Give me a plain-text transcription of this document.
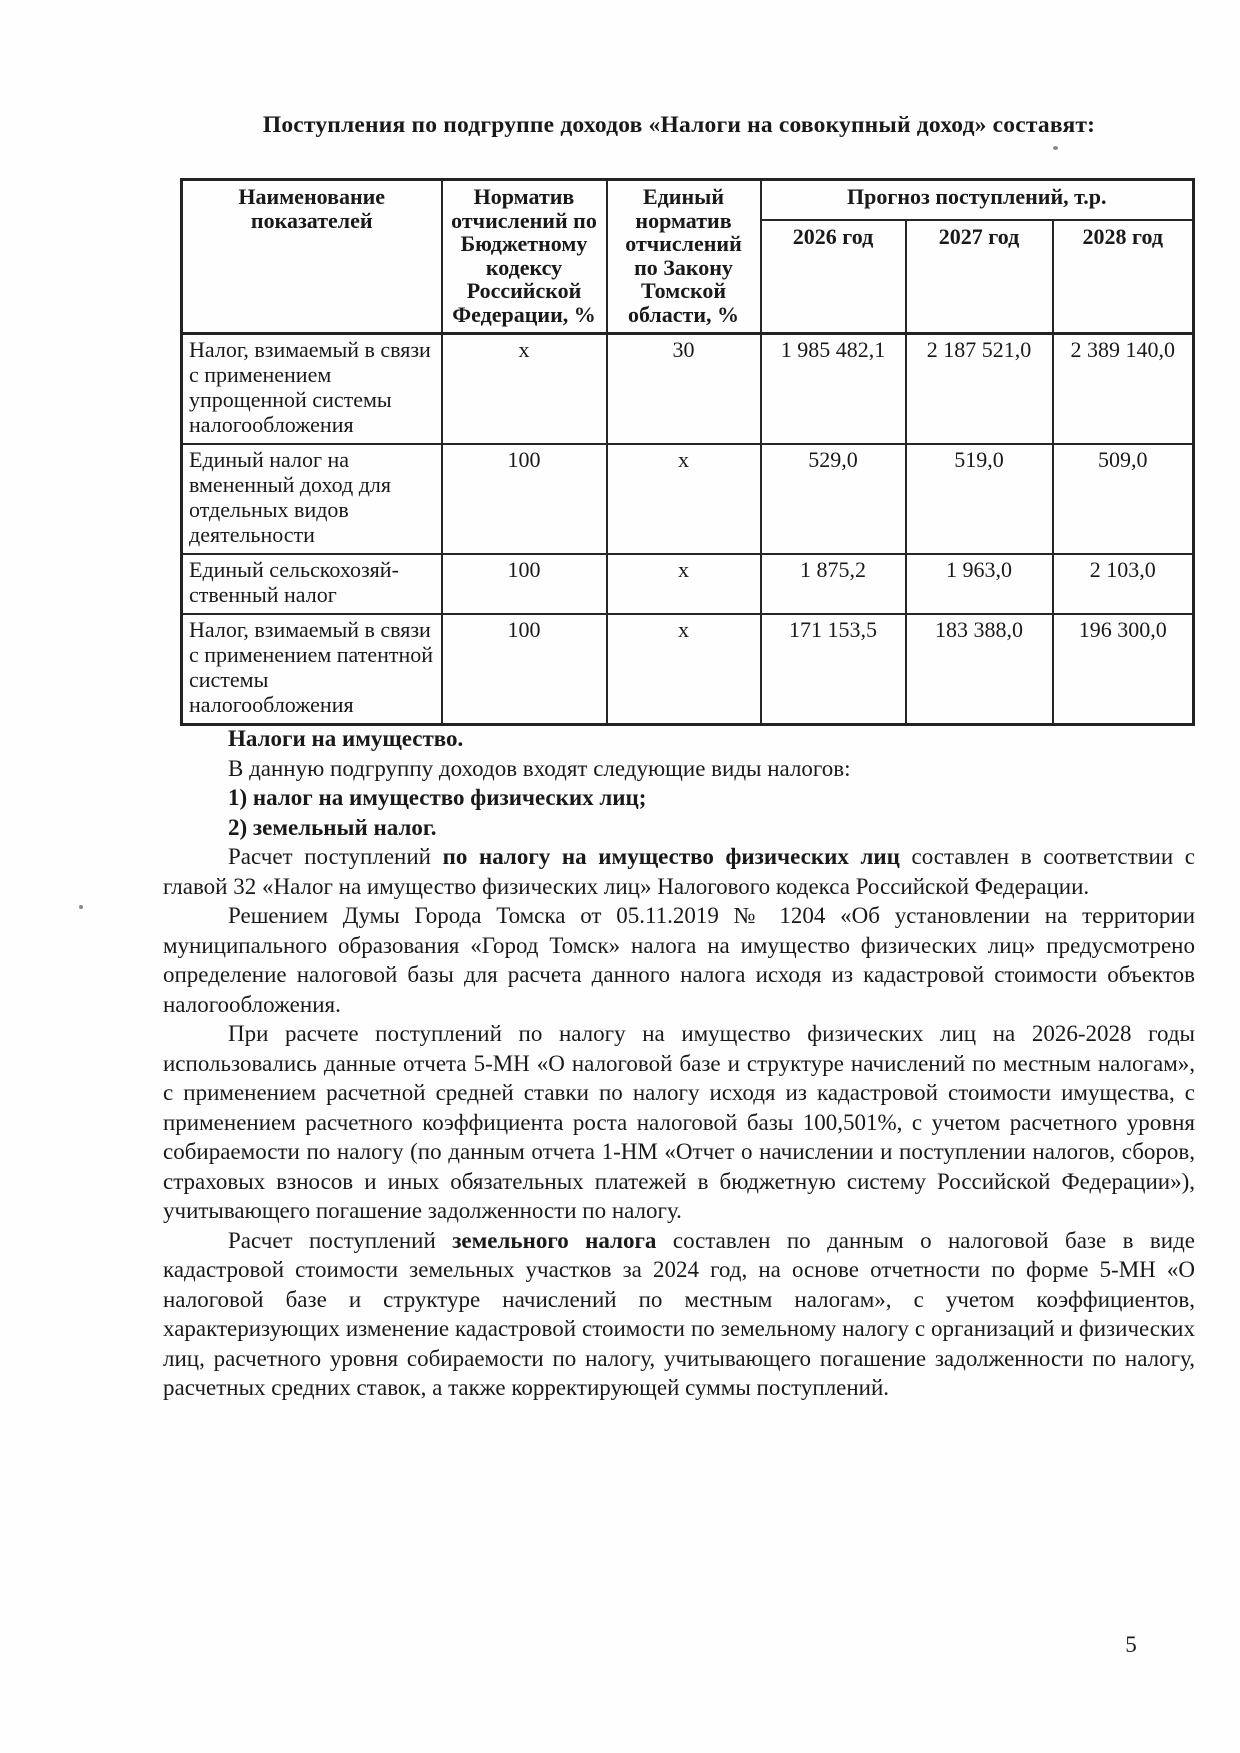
Поступления по подгруппе доходов «Налоги на совокупный доход» составят:
Наименование показателей	Норматив отчислений по Бюджетному кодексу Российской Федерации, %	Единый норматив отчислений по Закону Томской области, %	Прогноз поступлений, т.р.		
			2026 год	2027 год	2028 год
Налог, взимаемый в связи с применением упрощенной системы налогообложения	х	30	1 985 482,1	2 187 521,0	2 389 140,0
Единый налог на вмененный доход для отдельных видов деятельности	100	х	529,0	519,0	509,0
Единый сельскохозяй-ственный налог	100	х	1 875,2	1 963,0	2 103,0
Налог, взимаемый в связи с применением патентной системы налогообложения	100	х	171 153,5	183 388,0	196 300,0
Налоги на имущество.
В данную подгруппу доходов входят следующие виды налогов:
1) налог на имущество физических лиц;
2) земельный налог.

Расчет поступлений по налогу на имущество физических лиц составлен в соответствии с главой 32 «Налог на имущество физических лиц» Налогового кодекса Российской Федерации.

Решением Думы Города Томска от 05.11.2019 № 1204 «Об установлении на территории муниципального образования «Город Томск» налога на имущество физических лиц» предусмотрено определение налоговой базы для расчета данного налога исходя из кадастровой стоимости объектов налогообложения.

При расчете поступлений по налогу на имущество физических лиц на 2026-2028 годы использовались данные отчета 5-МН «О налоговой базе и структуре начислений по местным налогам», с применением расчетной средней ставки по налогу исходя из кадастровой стоимости имущества, с применением расчетного коэффициента роста налоговой базы 100,501%, с учетом расчетного уровня собираемости по налогу (по данным отчета 1-НМ «Отчет о начислении и поступлении налогов, сборов, страховых взносов и иных обязательных платежей в бюджетную систему Российской Федерации»), учитывающего погашение задолженности по налогу.

Расчет поступлений земельного налога составлен по данным о налоговой базе в виде кадастровой стоимости земельных участков за 2024 год, на основе отчетности по форме 5-МН «О налоговой базе и структуре начислений по местным налогам», с учетом коэффициентов, характеризующих изменение кадастровой стоимости по земельному налогу с организаций и физических лиц, расчетного уровня собираемости по налогу, учитывающего погашение задолженности по налогу, расчетных средних ставок, а также корректирующей суммы поступлений.

5
